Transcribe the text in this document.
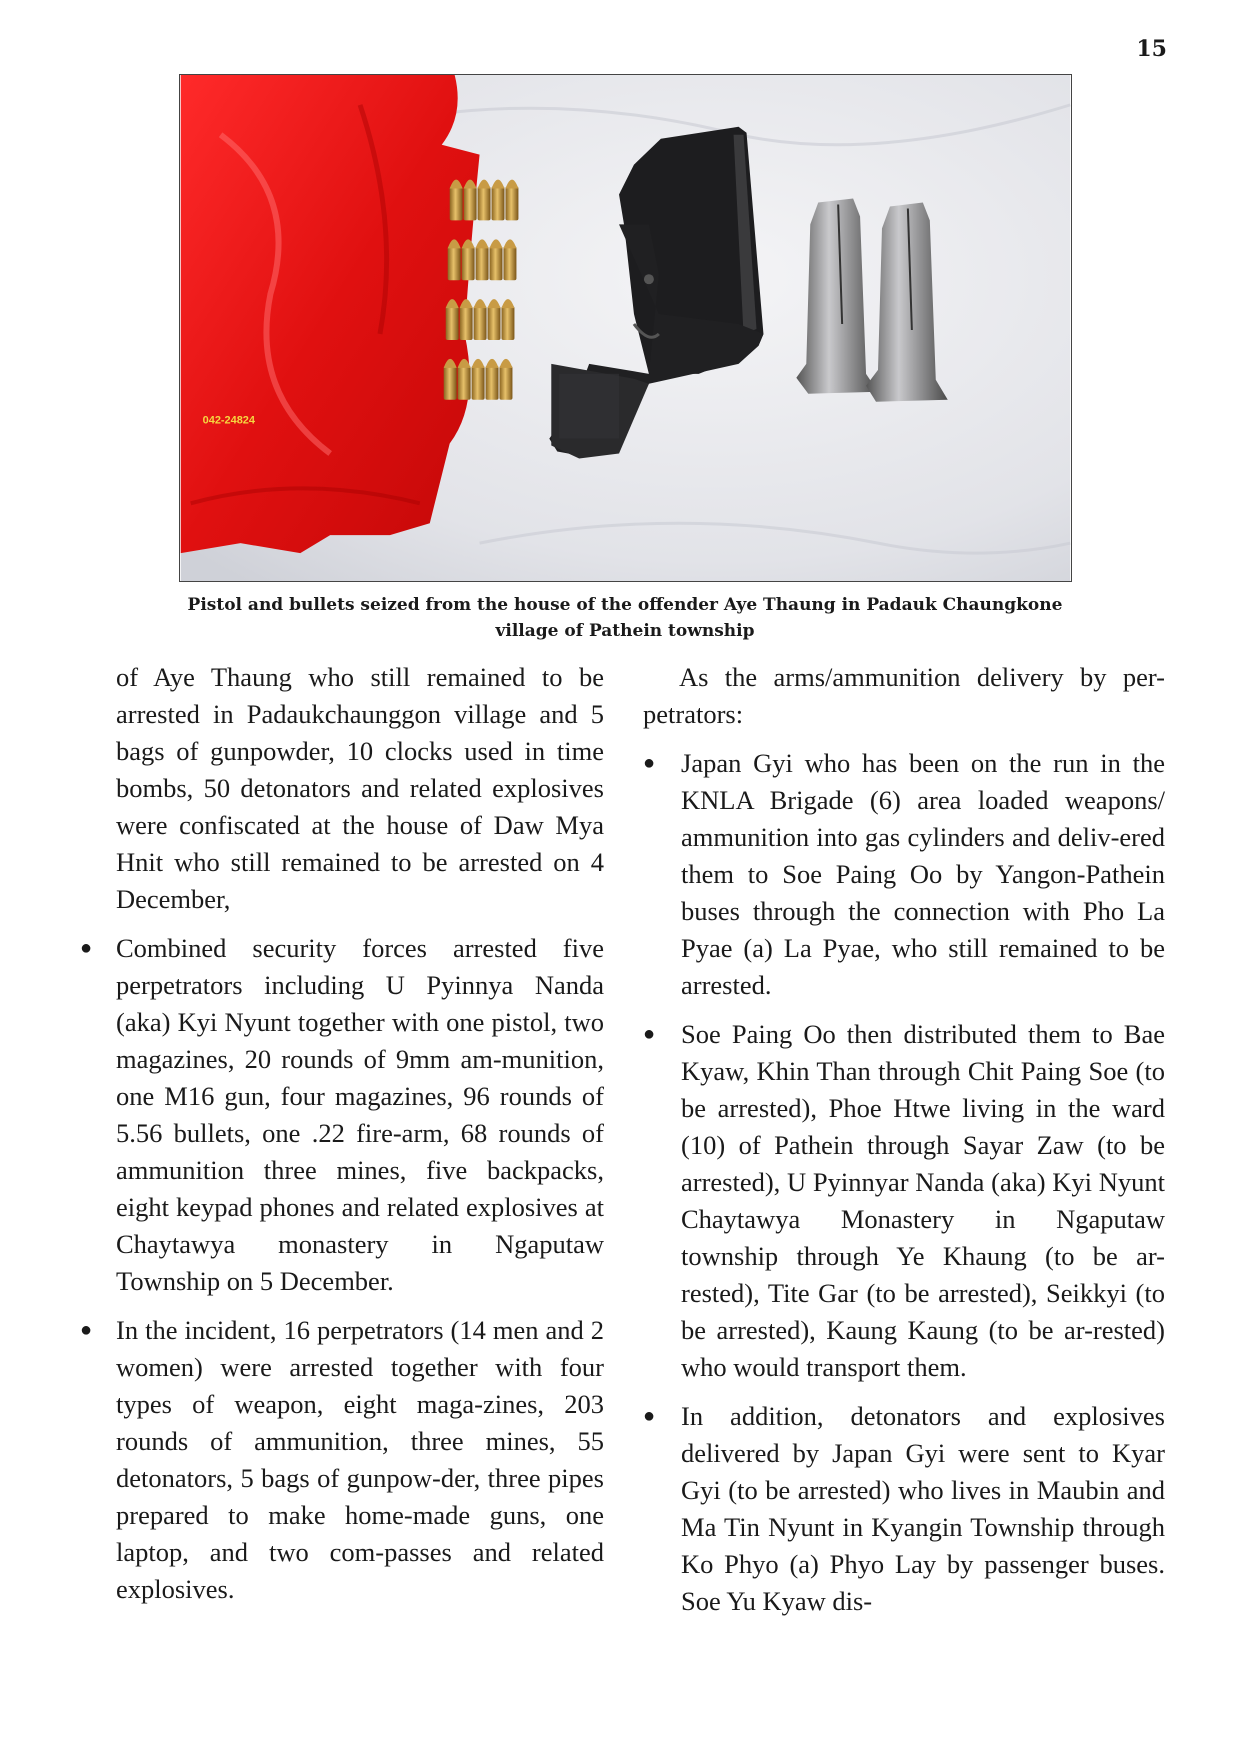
15
042-24824
Pistol and bullets seized from the house of the offender Aye Thaung in Padauk Chaungkone
village of Pathein township

of Aye Thaung who still remained to be arrested in Padaukchaunggon village and 5 bags of gunpowder, 10 clocks used in time bombs, 50 detonators and related explosives were confiscated at the house of Daw Mya Hnit who still remained to be arrested on 4 December,

● Combined security forces arrested five perpetrators including U Pyinnya Nanda (aka) Kyi Nyunt together with one pistol, two magazines, 20 rounds of 9mm am-munition, one M16 gun, four magazines, 96 rounds of 5.56 bullets, one .22 fire-arm, 68 rounds of ammunition three mines, five backpacks, eight keypad phones and related explosives at Chaytawya monastery in Ngaputaw Township on 5 December.
● In the incident, 16 perpetrators (14 men and 2 women) were arrested together with four types of weapon, eight maga-zines, 203 rounds of ammunition, three mines, 55 detonators, 5 bags of gunpow-der, three pipes prepared to make home-made guns, one laptop, and two com-passes and related explosives.

As the arms/ammunition delivery by per-petrators:

● Japan Gyi who has been on the run in the KNLA Brigade (6) area loaded weapons/ ammunition into gas cylinders and deliv-ered them to Soe Paing Oo by Yangon-Pathein buses through the connection with Pho La Pyae (a) La Pyae, who still remained to be arrested.
● Soe Paing Oo then distributed them to Bae Kyaw, Khin Than through Chit Paing Soe (to be arrested), Phoe Htwe living in the ward (10) of Pathein through Sayar Zaw (to be arrested), U Pyinnyar Nanda (aka) Kyi Nyunt Chaytawya Monastery in Ngaputaw township through Ye Khaung (to be ar-rested), Tite Gar (to be arrested), Seikkyi (to be arrested), Kaung Kaung (to be ar-rested) who would transport them.
● In addition, detonators and explosives delivered by Japan Gyi were sent to Kyar Gyi (to be arrested) who lives in Maubin and Ma Tin Nyunt in Kyangin Township through Ko Phyo (a) Phyo Lay by passenger buses. Soe Yu Kyaw dis-
